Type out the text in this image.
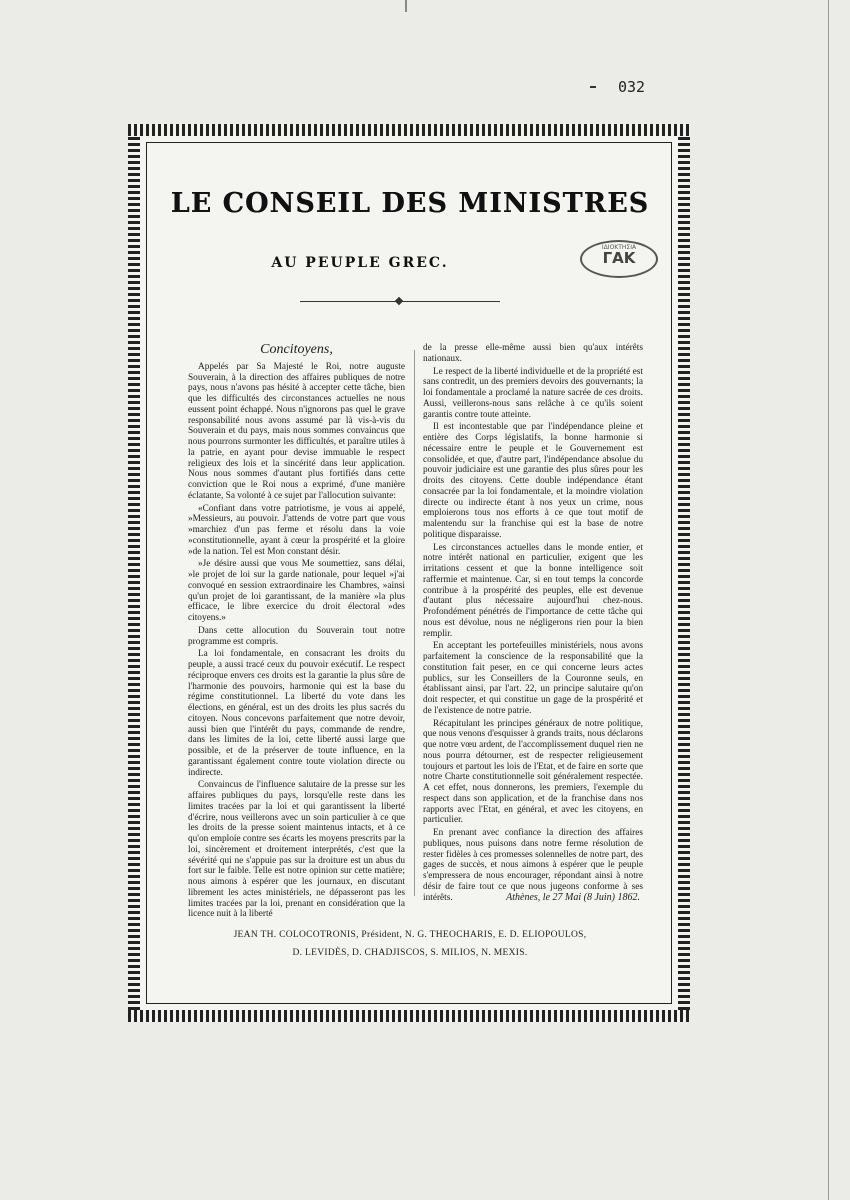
032
LE CONSEIL DES MINISTRES
AU PEUPLE GREC.
ΙΔΙΟΚΤΗΣΙΑ
ΓΑΚ

Concitoyens,

Appelés par Sa Majesté le Roi, notre auguste Souverain, à la direction des affaires publiques de notre pays, nous n'avons pas hésité à accepter cette tâche, bien que les difficultés des circonstances actuelles ne nous eussent point échappé. Nous n'ignorons pas quel le grave responsabilité nous avons assumé par là vis-à-vis du Souverain et du pays, mais nous sommes convaincus que nous pourrons surmonter les difficultés, et paraître utiles à la patrie, en ayant pour devise immuable le respect religieux des lois et la sincérité dans leur application. Nous nous sommes d'autant plus fortifiés dans cette conviction que le Roi nous a exprimé, d'une manière éclatante, Sa volonté à ce sujet par l'allocution suivante:

«Confiant dans votre patriotisme, je vous ai appelé, »Messieurs, au pouvoir. J'attends de votre part que vous »marchiez d'un pas ferme et résolu dans la voie »constitutionnelle, ayant à cœur la prospérité et la gloire »de la nation. Tel est Mon constant désir.

»Je désire aussi que vous Me soumettiez, sans délai, »le projet de loi sur la garde nationale, pour lequel »j'ai convoqué en session extraordinaire les Chambres, »ainsi qu'un projet de loi garantissant, de la manière »la plus efficace, le libre exercice du droit électoral »des citoyens.»

Dans cette allocution du Souverain tout notre programme est compris.

La loi fondamentale, en consacrant les droits du peuple, a aussi tracé ceux du pouvoir exécutif. Le respect réciproque envers ces droits est la garantie la plus sûre de l'harmonie des pouvoirs, harmonie qui est la base du régime constitutionnel. La liberté du vote dans les élections, en général, est un des droits les plus sacrés du citoyen. Nous concevons parfaitement que notre devoir, aussi bien que l'intérêt du pays, commande de rendre, dans les limites de la loi, cette liberté aussi large que possible, et de la préserver de toute influence, en la garantissant également contre toute violation directe ou indirecte.

Convaincus de l'influence salutaire de la presse sur les affaires publiques du pays, lorsqu'elle reste dans les limites tracées par la loi et qui garantissent la liberté d'écrire, nous veillerons avec un soin particulier à ce que les droits de la presse soient maintenus intacts, et à ce qu'on emploie contre ses écarts les moyens prescrits par la loi, sincèrement et droitement interprétés, c'est que la sévérité qui ne s'appuie pas sur la droiture est un abus du fort sur le faible. Telle est notre opinion sur cette matière; nous aimons à espérer que les journaux, en discutant librement les actes ministériels, ne dépasseront pas les limites tracées par la loi, prenant en considération que la licence nuit à la liberté

de la presse elle-même aussi bien qu'aux intérêts nationaux.

Le respect de la liberté individuelle et de la propriété est sans contredit, un des premiers devoirs des gouvernants; la loi fondamentale a proclamé la nature sacrée de ces droits. Aussi, veillerons-nous sans relâche à ce qu'ils soient garantis contre toute atteinte.

Il est incontestable que par l'indépendance pleine et entière des Corps législatifs, la bonne harmonie si nécessaire entre le peuple et le Gouvernement est consolidée, et que, d'autre part, l'indépendance absolue du pouvoir judiciaire est une garantie des plus sûres pour les droits des citoyens. Cette double indépendance étant consacrée par la loi fondamentale, et la moindre violation directe ou indirecte étant à nos yeux un crime, nous emploierons tous nos efforts à ce que tout motif de malentendu sur la franchise qui est la base de notre politique disparaisse.

Les circonstances actuelles dans le monde entier, et notre intérêt national en particulier, exigent que les irritations cessent et que la bonne intelligence soit raffermie et maintenue. Car, si en tout temps la concorde contribue à la prospérité des peuples, elle est devenue d'autant plus nécessaire aujourd'hui chez-nous. Profondément pénétrés de l'importance de cette tâche qui nous est dévolue, nous ne négligerons rien pour la bien remplir.

En acceptant les portefeuilles ministériels, nous avons parfaitement la conscience de la responsabilité que la constitution fait peser, en ce qui concerne leurs actes publics, sur les Conseillers de la Couronne seuls, en établissant ainsi, par l'art. 22, un principe salutaire qu'on doit respecter, et qui constitue un gage de la prospérité et de l'existence de notre patrie.

Récapitulant les principes généraux de notre politique, que nous venons d'esquisser à grands traits, nous déclarons que notre vœu ardent, de l'accomplissement duquel rien ne nous pourra détourner, est de respecter religieusement toujours et partout les lois de l'Etat, et de faire en sorte que notre Charte constitutionnelle soit généralement respectée. A cet effet, nous donnerons, les premiers, l'exemple du respect dans son application, et de la franchise dans nos rapports avec l'Etat, en général, et avec les citoyens, en particulier.

En prenant avec confiance la direction des affaires publiques, nous puisons dans notre ferme résolution de rester fidèles à ces promesses solennelles de notre part, des gages de succès, et nous aimons à espérer que le peuple s'empressera de nous encourager, répondant ainsi à notre désir de faire tout ce que nous jugeons conforme à ses intérêts.	Athènes, le 27 Mai (8 Juin) 1862.
JEAN TH. COLOCOTRONIS, Président, N. G. THEOCHARIS, E. D. ELIOPOULOS,
D. LEVIDÈS, D. CHADJISCOS, S. MILIOS, N. MEXIS.
